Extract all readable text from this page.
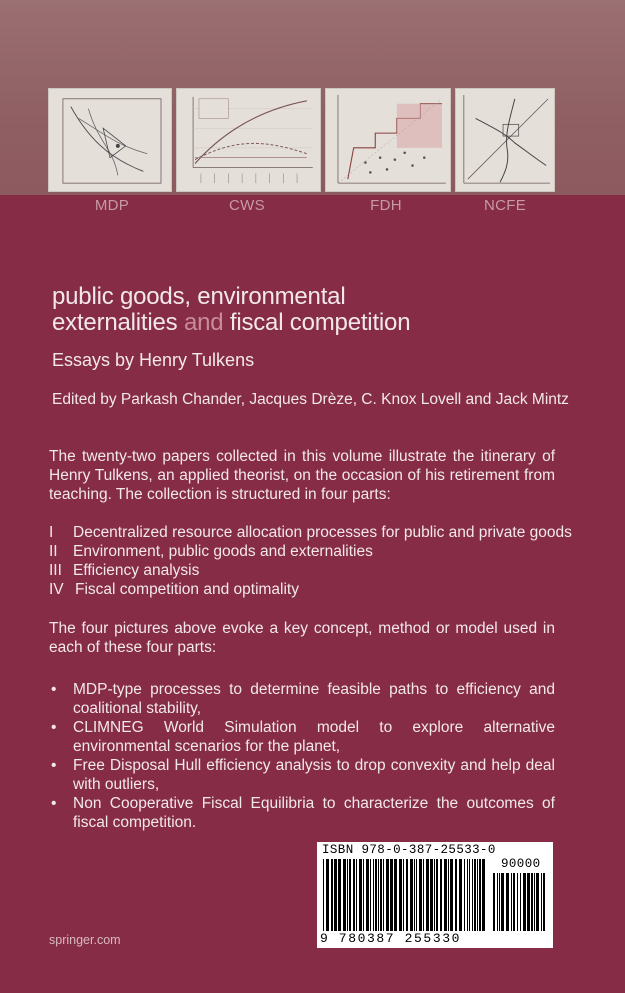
MDP	CWS	FDH	NCFE
public goods, environmental
externalities and fiscal competition
Essays by Henry Tulkens
Edited by Parkash Chander, Jacques Drèze, C. Knox Lovell and Jack Mintz
The twenty-two papers collected in this volume illustrate the itinerary of Henry Tulkens, an applied theorist, on the occasion of his retirement from teaching. The collection is structured in four parts:
I Decentralized resource allocation processes for public and private goods
II Environment, public goods and externalities
III Efficiency analysis
IV Fiscal competition and optimality
The four pictures above evoke a key concept, method or model used in each of these four parts:
• MDP-type processes to determine feasible paths to efficiency and coalitional stability,
• CLIMNEG World Simulation model to explore alternative environmental scenarios for the planet,
• Free Disposal Hull efficiency analysis to drop convexity and help deal with outliers,
• Non Cooperative Fiscal Equilibria to characterize the outcomes of fiscal competition.
ISBN 978-0-387-25533-0
90000
9 780387 255330
springer.com
